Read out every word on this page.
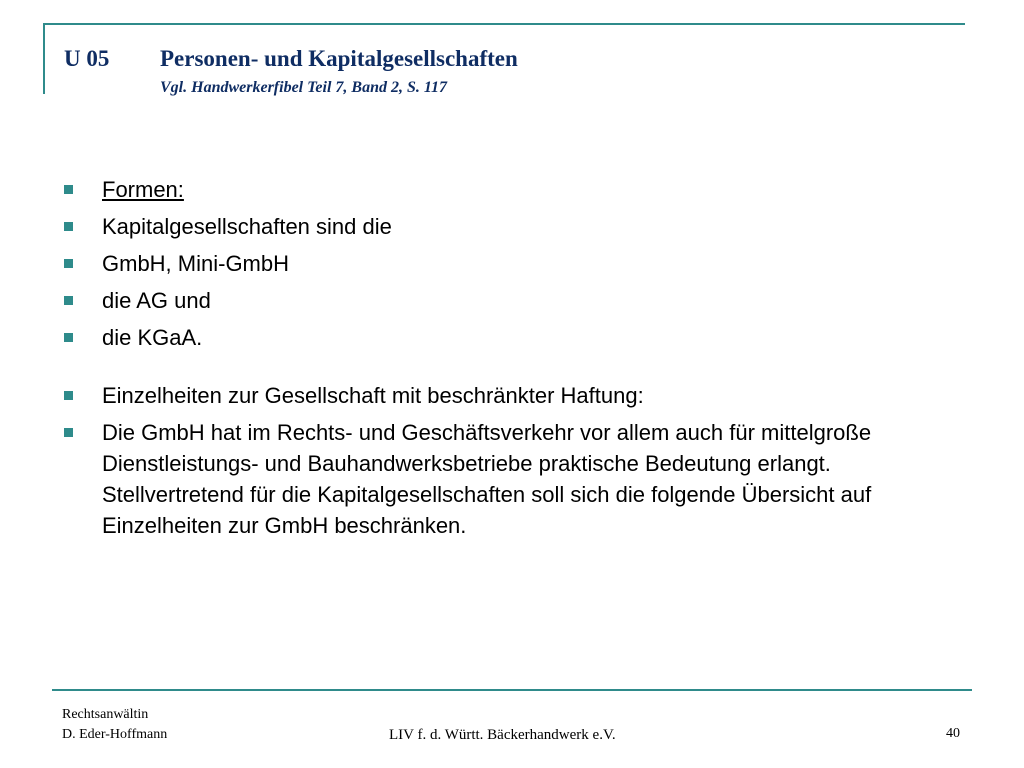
U 05 Personen- und Kapitalgesellschaften
Vgl. Handwerkerfibel Teil 7, Band 2, S. 117
Formen:
Kapitalgesellschaften sind die
GmbH, Mini-GmbH
die AG und
die KGaA.
Einzelheiten zur Gesellschaft mit beschränkter Haftung:
Die GmbH hat im Rechts- und Geschäftsverkehr vor allem auch für mittelgroße Dienstleistungs- und Bauhandwerksbetriebe praktische Bedeutung erlangt. Stellvertretend für die Kapitalgesellschaften soll sich die folgende Übersicht auf Einzelheiten zur GmbH beschränken.
Rechtsanwältin
D. Eder-Hoffmann	LIV f. d. Württ. Bäckerhandwerk e.V.	40
